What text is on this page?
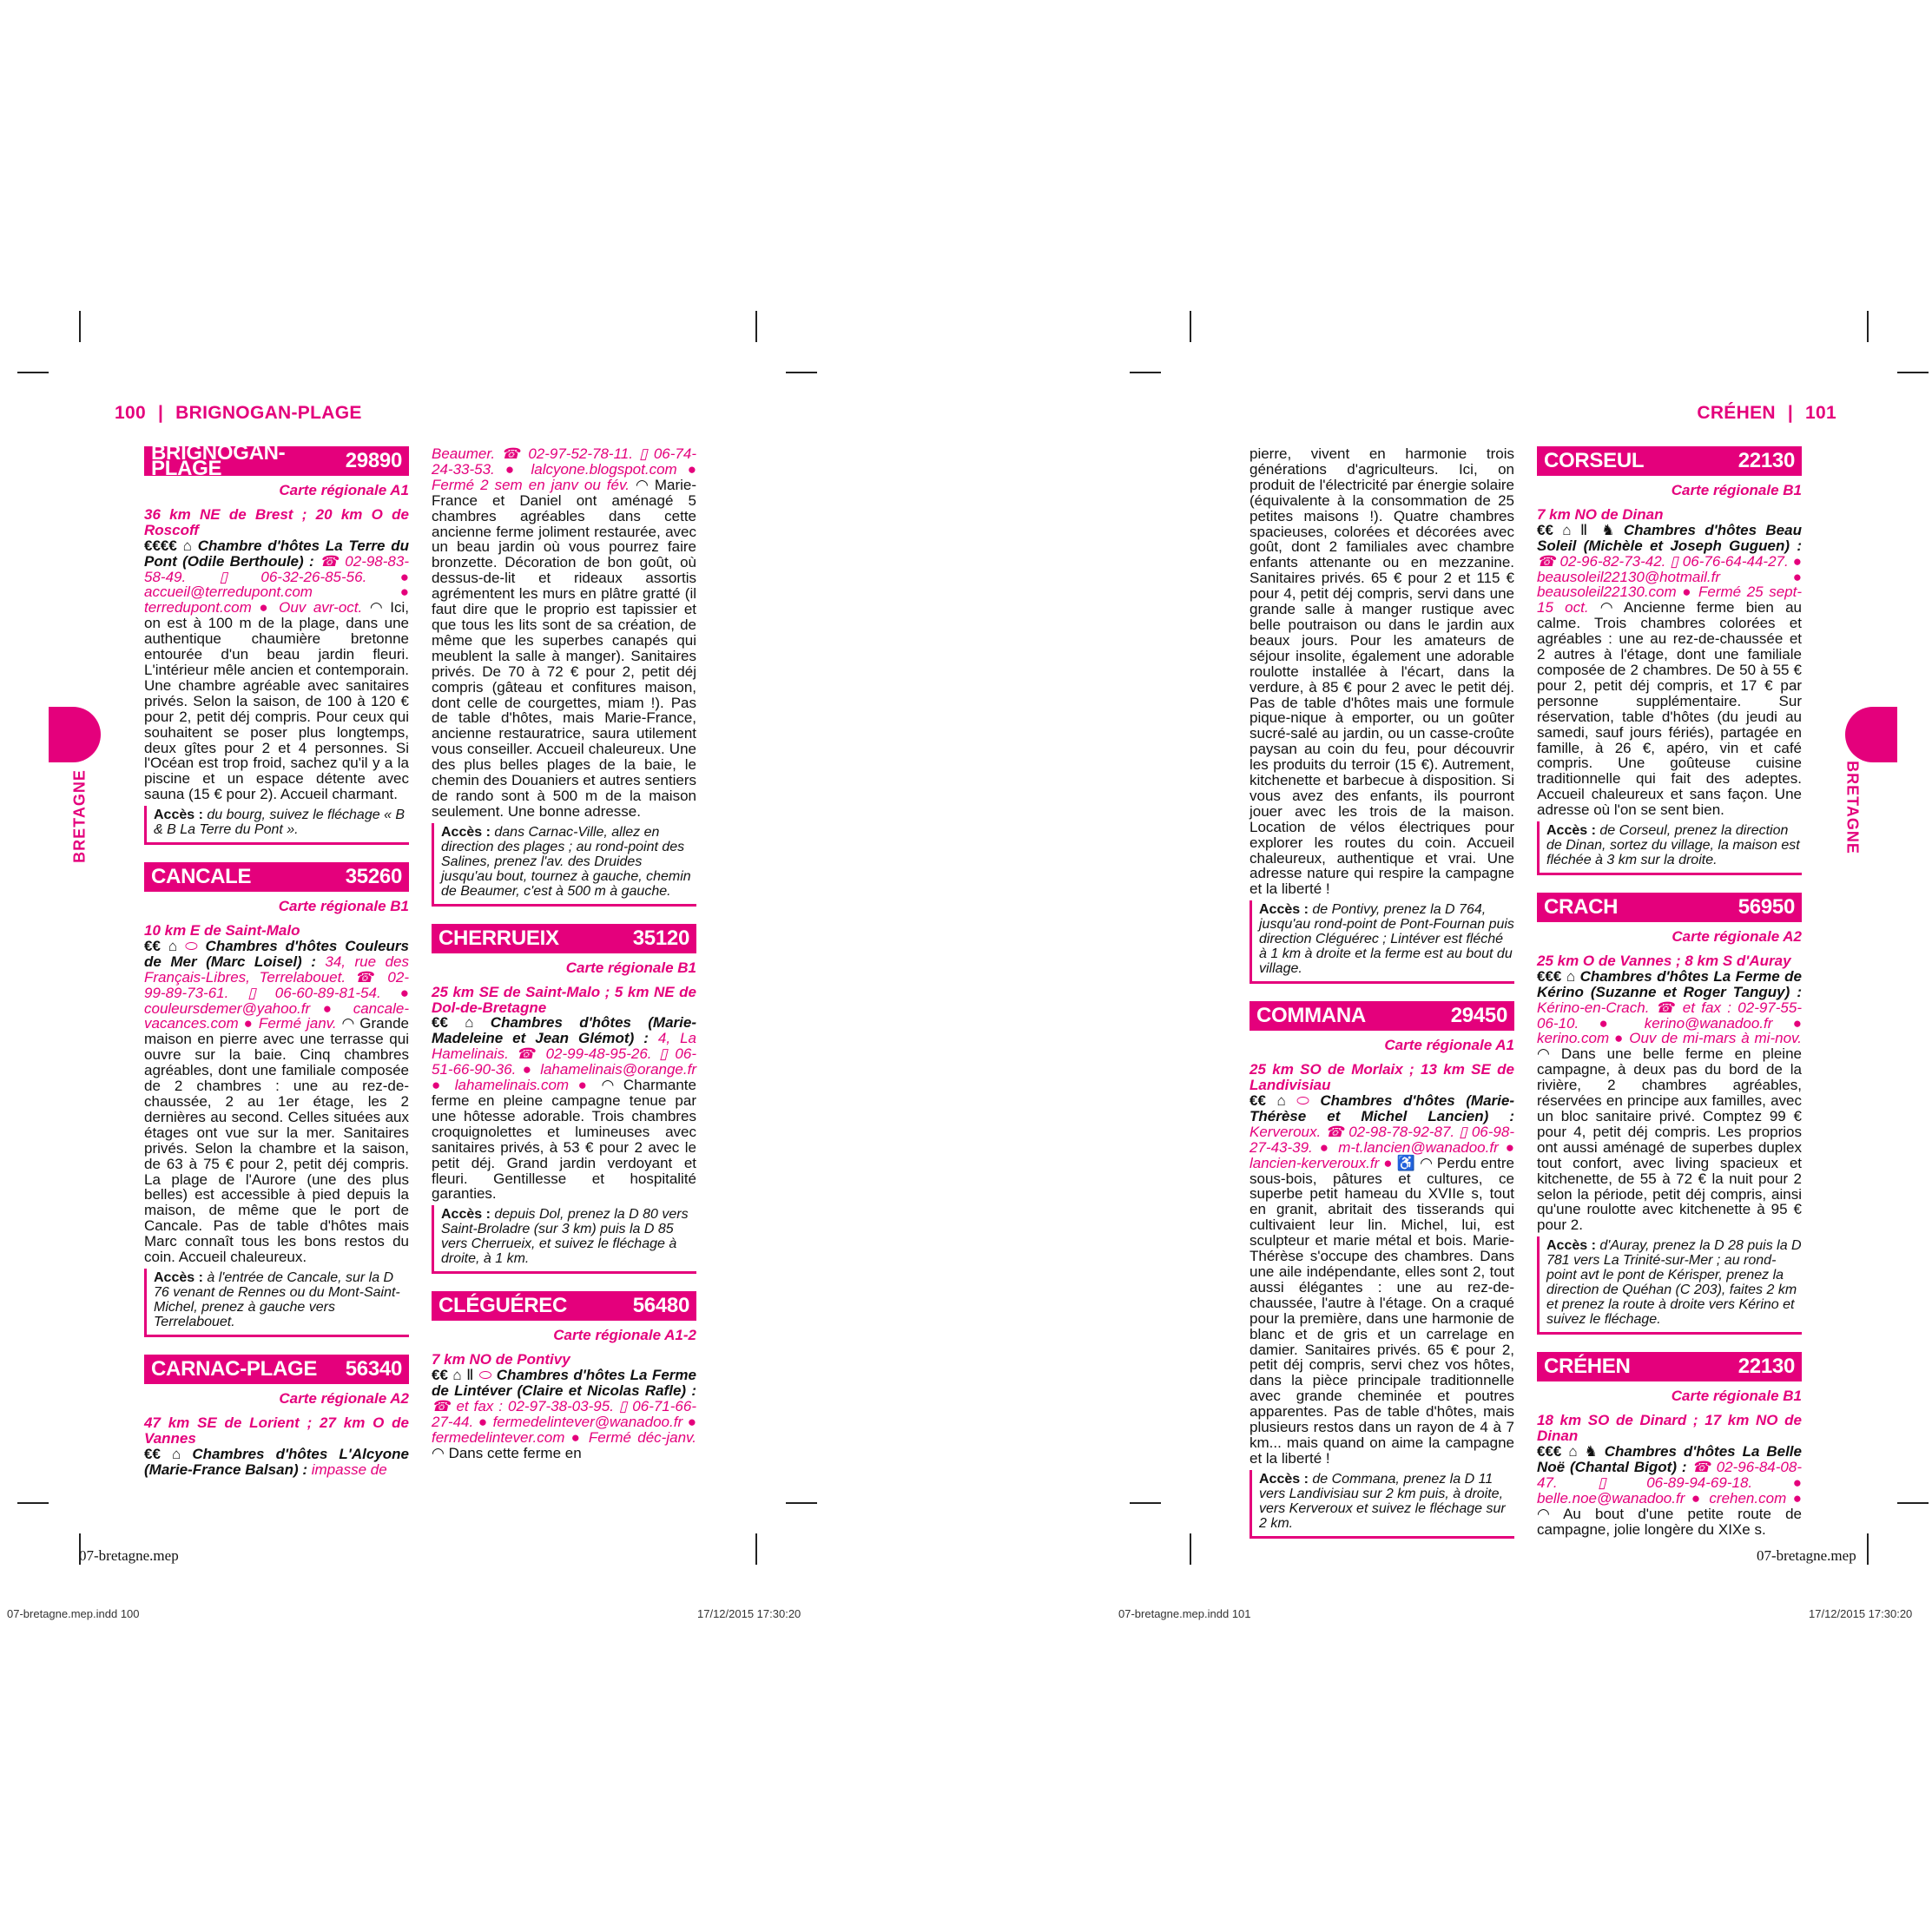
100 | BRIGNOGAN-PLAGE
BRETAGNE
BRIGNOGAN-PLAGE	29890
Carte régionale A1
36 km NE de Brest ; 20 km O de Roscoff

€€€€ ⌂ Chambre d'hôtes La Terre du Pont (Odile Berthoule) : ☎ 02-98-83-58-49. ▯ 06-32-26-85-56. ● accueil@terredupont.com ● terredupont.com ● Ouv avr-oct. ◠ Ici, on est à 100 m de la plage, dans une authentique chaumière bretonne entourée d'un beau jardin fleuri. L'intérieur mêle ancien et contemporain. Une chambre agréable avec sanitaires privés. Selon la saison, de 100 à 120 € pour 2, petit déj compris. Pour ceux qui souhaitent se poser plus longtemps, deux gîtes pour 2 et 4 personnes. Si l'Océan est trop froid, sachez qu'il y a la piscine et un espace détente avec sauna (15 € pour 2). Accueil charmant.

Accès : du bourg, suivez le fléchage « B & B La Terre du Pont ».
CANCALE	35260
Carte régionale B1
10 km E de Saint-Malo

€€ ⌂ ⬭ Chambres d'hôtes Couleurs de Mer (Marc Loisel) : 34, rue des Français-Libres, Terrelabouet. ☎ 02-99-89-73-61. ▯ 06-60-89-81-54. ● couleursdemer@yahoo.fr ● cancale-vacances.com ● Fermé janv. ◠ Grande maison en pierre avec une terrasse qui ouvre sur la baie. Cinq chambres agréables, dont une familiale composée de 2 chambres : une au rez-de-chaussée, 2 au 1er étage, les 2 dernières au second. Celles situées aux étages ont vue sur la mer. Sanitaires privés. Selon la chambre et la saison, de 63 à 75 € pour 2, petit déj compris. La plage de l'Aurore (une des plus belles) est accessible à pied depuis la maison, de même que le port de Cancale. Pas de table d'hôtes mais Marc connaît tous les bons restos du coin. Accueil chaleureux.

Accès : à l'entrée de Cancale, sur la D 76 venant de Rennes ou du Mont-Saint-Michel, prenez à gauche vers Terrelabouet.
CARNAC-PLAGE 56340
Carte régionale A2
47 km SE de Lorient ; 27 km O de Vannes

€€ ⌂ Chambres d'hôtes L'Alcyone (Marie-France Balsan) : impasse de

Beaumer. ☎ 02-97-52-78-11. ▯ 06-74-24-33-53. ● lalcyone.blogspot.com ● Fermé 2 sem en janv ou fév. ◠ Marie-France et Daniel ont aménagé 5 chambres agréables dans cette ancienne ferme joliment restaurée, avec un beau jardin où vous pourrez faire bronzette. Décoration de bon goût, où dessus-de-lit et rideaux assortis agrémentent les murs en plâtre gratté (il faut dire que le proprio est tapissier et que tous les lits sont de sa création, de même que les superbes canapés qui meublent la salle à manger). Sanitaires privés. De 70 à 72 € pour 2, petit déj compris (gâteau et confitures maison, dont celle de courgettes, miam !). Pas de table d'hôtes, mais Marie-France, ancienne restauratrice, saura utilement vous conseiller. Accueil chaleureux. Une des plus belles plages de la baie, le chemin des Douaniers et autres sentiers de rando sont à 500 m de la maison seulement. Une bonne adresse.

Accès : dans Carnac-Ville, allez en direction des plages ; au rond-point des Salines, prenez l'av. des Druides jusqu'au bout, tournez à gauche, chemin de Beaumer, c'est à 500 m à gauche.
CHERRUEIX	35120
Carte régionale B1
25 km SE de Saint-Malo ; 5 km NE de Dol-de-Bretagne

€€ ⌂ Chambres d'hôtes (Marie-Madeleine et Jean Glémot) : 4, La Hamelinais. ☎ 02-99-48-95-26. ▯ 06-51-66-90-36. ● lahamelinais@orange.fr ● lahamelinais.com ● ◠ Charmante ferme en pleine campagne tenue par une hôtesse adorable. Trois chambres croquignolettes et lumineuses avec sanitaires privés, à 53 € pour 2 avec le petit déj. Grand jardin verdoyant et fleuri. Gentillesse et hospitalité garanties.

Accès : depuis Dol, prenez la D 80 vers Saint-Broladre (sur 3 km) puis la D 85 vers Cherrueix, et suivez le fléchage à droite, à 1 km.
CLÉGUÉREC	56480
Carte régionale A1-2
7 km NO de Pontivy

€€ ⌂ Ⅱ ⬭ Chambres d'hôtes La Ferme de Lintéver (Claire et Nicolas Rafle) : ☎ et fax : 02-97-38-03-95. ▯ 06-71-66-27-44. ● fermedelintever@wanadoo.fr ● fermedelintever.com ● Fermé déc-janv. ◠ Dans cette ferme en

07-bretagne.mep
07-bretagne.mep.indd 100	17/12/2015 17:30:20
CRÉHEN | 101
BRETAGNE

pierre, vivent en harmonie trois générations d'agriculteurs. Ici, on produit de l'électricité par énergie solaire (équivalente à la consommation de 25 petites maisons !). Quatre chambres spacieuses, colorées et décorées avec goût, dont 2 familiales avec chambre enfants attenante ou en mezzanine. Sanitaires privés. 65 € pour 2 et 115 € pour 4, petit déj compris, servi dans une grande salle à manger rustique avec belle poutraison ou dans le jardin aux beaux jours. Pour les amateurs de séjour insolite, également une adorable roulotte installée à l'écart, dans la verdure, à 85 € pour 2 avec le petit déj. Pas de table d'hôtes mais une formule pique-nique à emporter, ou un goûter sucré-salé au jardin, ou un casse-croûte paysan au coin du feu, pour découvrir les produits du terroir (15 €). Autrement, kitchenette et barbecue à disposition. Si vous avez des enfants, ils pourront jouer avec les trois de la maison. Location de vélos électriques pour explorer les routes du coin. Accueil chaleureux, authentique et vrai. Une adresse nature qui respire la campagne et la liberté !

Accès : de Pontivy, prenez la D 764, jusqu'au rond-point de Pont-Fournan puis direction Cléguérec ; Lintéver est fléché à 1 km à droite et la ferme est au bout du village.
COMMANA	29450
Carte régionale A1
25 km SO de Morlaix ; 13 km SE de Landivisiau

€€ ⌂ ⬭ Chambres d'hôtes (Marie-Thérèse et Michel Lancien) : Kerveroux. ☎ 02-98-78-92-87. ▯ 06-98-27-43-39. ● m-t.lancien@wanadoo.fr ● lancien-kerveroux.fr ● ♿ ◠ Perdu entre sous-bois, pâtures et cultures, ce superbe petit hameau du XVIIe s, tout en granit, abritait des tisserands qui cultivaient leur lin. Michel, lui, est sculpteur et marie métal et bois. Marie-Thérèse s'occupe des chambres. Dans une aile indépendante, elles sont 2, tout aussi élégantes : une au rez-de-chaussée, l'autre à l'étage. On a craqué pour la première, dans une harmonie de blanc et de gris et un carrelage en damier. Sanitaires privés. 65 € pour 2, petit déj compris, servi chez vos hôtes, dans la pièce principale traditionnelle avec grande cheminée et poutres apparentes. Pas de table d'hôtes, mais plusieurs restos dans un rayon de 4 à 7 km... mais quand on aime la campagne et la liberté !

Accès : de Commana, prenez la D 11 vers Landivisiau sur 2 km puis, à droite, vers Kerveroux et suivez le fléchage sur 2 km.
CORSEUL	22130
Carte régionale B1
7 km NO de Dinan

€€ ⌂ Ⅱ ♞ Chambres d'hôtes Beau Soleil (Michèle et Joseph Guguen) : ☎ 02-96-82-73-42. ▯ 06-76-64-44-27. ● beausoleil22130@hotmail.fr ● beausoleil22130.com ● Fermé 25 sept-15 oct. ◠ Ancienne ferme bien au calme. Trois chambres colorées et agréables : une au rez-de-chaussée et 2 autres à l'étage, dont une familiale composée de 2 chambres. De 50 à 55 € pour 2, petit déj compris, et 17 € par personne supplémentaire. Sur réservation, table d'hôtes (du jeudi au samedi, sauf jours fériés), partagée en famille, à 26 €, apéro, vin et café compris. Une goûteuse cuisine traditionnelle qui fait des adeptes. Accueil chaleureux et sans façon. Une adresse où l'on se sent bien.

Accès : de Corseul, prenez la direction de Dinan, sortez du village, la maison est fléchée à 3 km sur la droite.
CRACH	56950
Carte régionale A2
25 km O de Vannes ; 8 km S d'Auray

€€€ ⌂ Chambres d'hôtes La Ferme de Kérino (Suzanne et Roger Tanguy) : Kérino-en-Crach. ☎ et fax : 02-97-55-06-10. ● kerino@wanadoo.fr ● kerino.com ● Ouv de mi-mars à mi-nov. ◠ Dans une belle ferme en pleine campagne, à deux pas du bord de la rivière, 2 chambres agréables, réservées en principe aux familles, avec un bloc sanitaire privé. Comptez 99 € pour 4, petit déj compris. Les proprios ont aussi aménagé de superbes duplex tout confort, avec living spacieux et kitchenette, de 55 à 72 € la nuit pour 2 selon la période, petit déj compris, ainsi qu'une roulotte avec kitchenette à 95 € pour 2.

Accès : d'Auray, prenez la D 28 puis la D 781 vers La Trinité-sur-Mer ; au rond-point avt le pont de Kérisper, prenez la direction de Quéhan (C 203), faites 2 km et prenez la route à droite vers Kérino et suivez le fléchage.
CRÉHEN	22130
Carte régionale B1
18 km SO de Dinard ; 17 km NO de Dinan

€€€ ⌂ ♞ Chambres d'hôtes La Belle Noë (Chantal Bigot) : ☎ 02-96-84-08-47. ▯ 06-89-94-69-18. ● belle.noe@wanadoo.fr ● crehen.com ● ◠ Au bout d'une petite route de campagne, jolie longère du XIXe s.

07-bretagne.mep
07-bretagne.mep.indd 101	17/12/2015 17:30:20
